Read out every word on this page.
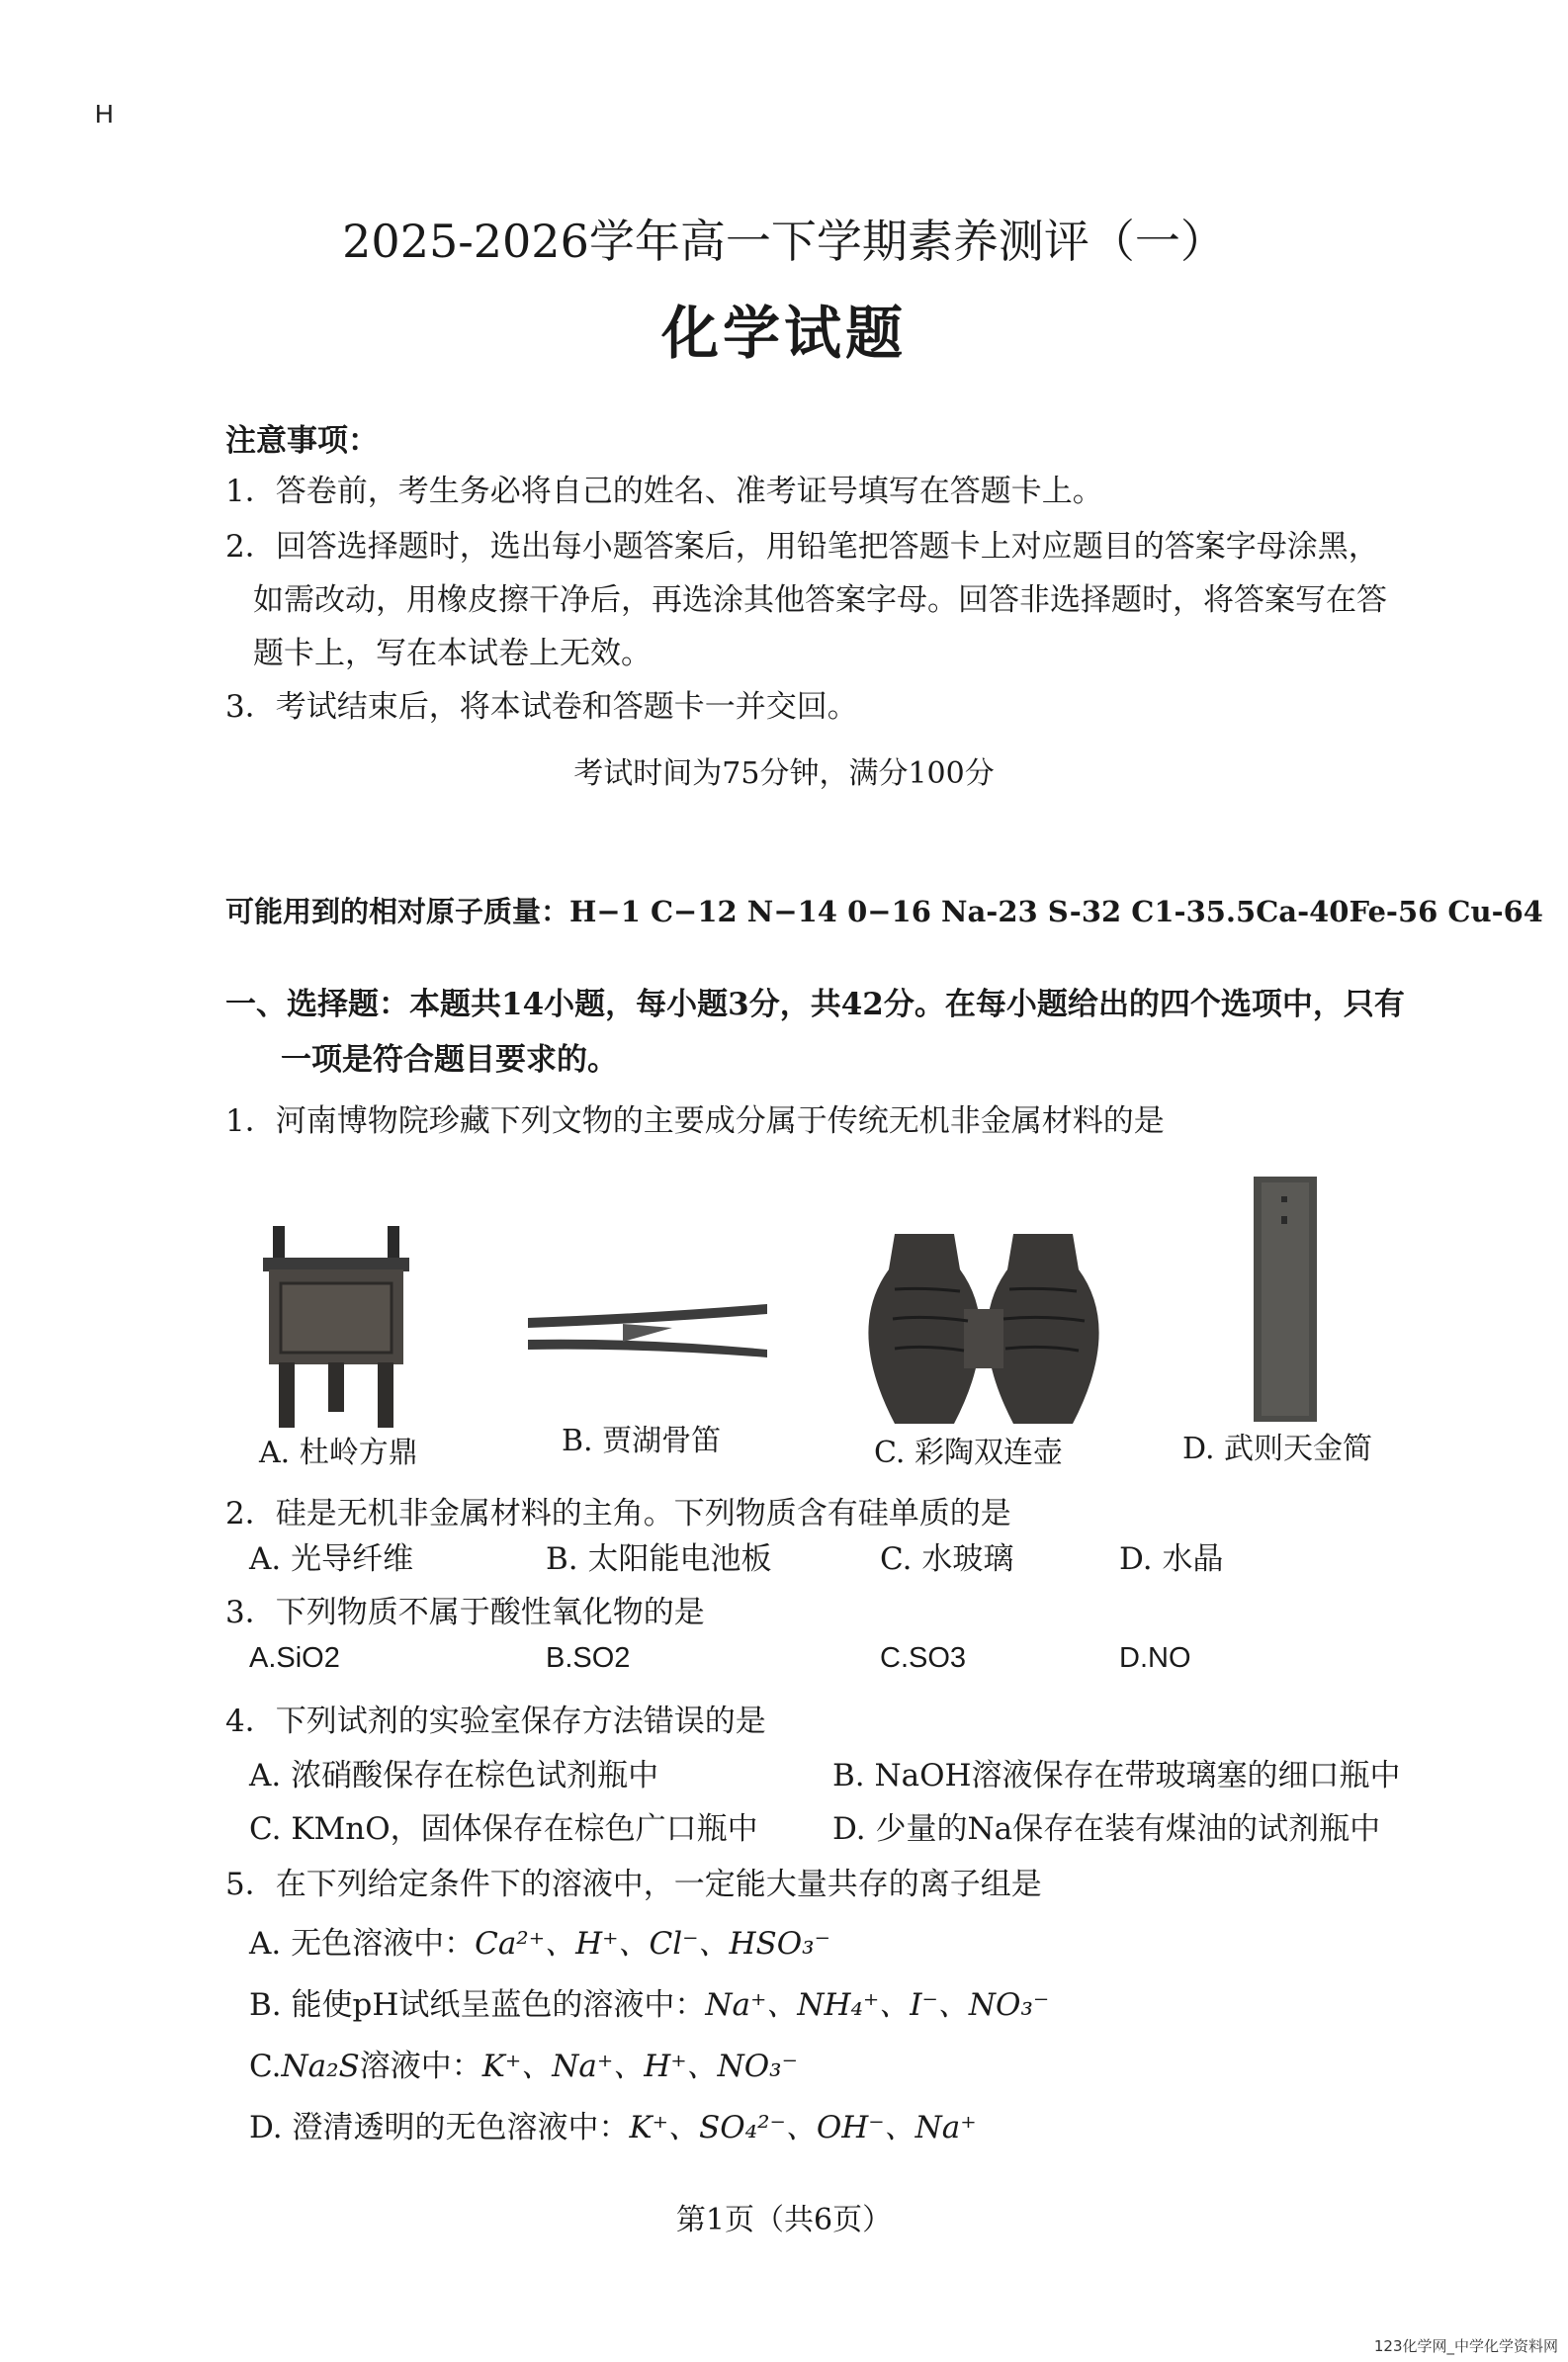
H
2025-2026学年高一下学期素养测评（一）
化学试题
注意事项：
1．答卷前，考生务必将自己的姓名、准考证号填写在答题卡上。
2．回答选择题时，选出每小题答案后，用铅笔把答题卡上对应题目的答案字母涂黑，
如需改动，用橡皮擦干净后，再选涂其他答案字母。回答非选择题时，将答案写在答
题卡上，写在本试卷上无效。
3．考试结束后，将本试卷和答题卡一并交回。
考试时间为75分钟，满分100分
可能用到的相对原子质量：H−1 C−12 N−14 0−16 Na-23 S-32 C1-35.5Ca-40Fe-56 Cu-64
一、选择题：本题共14小题，每小题3分，共42分。在每小题给出的四个选项中，只有
一项是符合题目要求的。
1．河南博物院珍藏下列文物的主要成分属于传统无机非金属材料的是
A. 杜岭方鼎	B. 贾湖骨笛	C. 彩陶双连壶	D. 武则天金简
2．硅是无机非金属材料的主角。下列物质含有硅单质的是
A. 光导纤维	B. 太阳能电池板	C. 水玻璃	D. 水晶
3．下列物质不属于酸性氧化物的是
A.SiO2	B.SO2	C.SO3	D.NO
4．下列试剂的实验室保存方法错误的是
A. 浓硝酸保存在棕色试剂瓶中	B. NaOH溶液保存在带玻璃塞的细口瓶中
C. KMnO，固体保存在棕色广口瓶中 D. 少量的Na保存在装有煤油的试剂瓶中
5．在下列给定条件下的溶液中，一定能大量共存的离子组是
A. 无色溶液中：Ca²⁺、H⁺、Cl⁻、HSO₃⁻
B. 能使pH试纸呈蓝色的溶液中：Na⁺、NH₄⁺、I⁻、NO₃⁻
C.Na₂S溶液中：K⁺、Na⁺、H⁺、NO₃⁻
D. 澄清透明的无色溶液中：K⁺、SO₄²⁻、OH⁻、Na⁺
第1页（共6页）
123化学网_中学化学资料网
